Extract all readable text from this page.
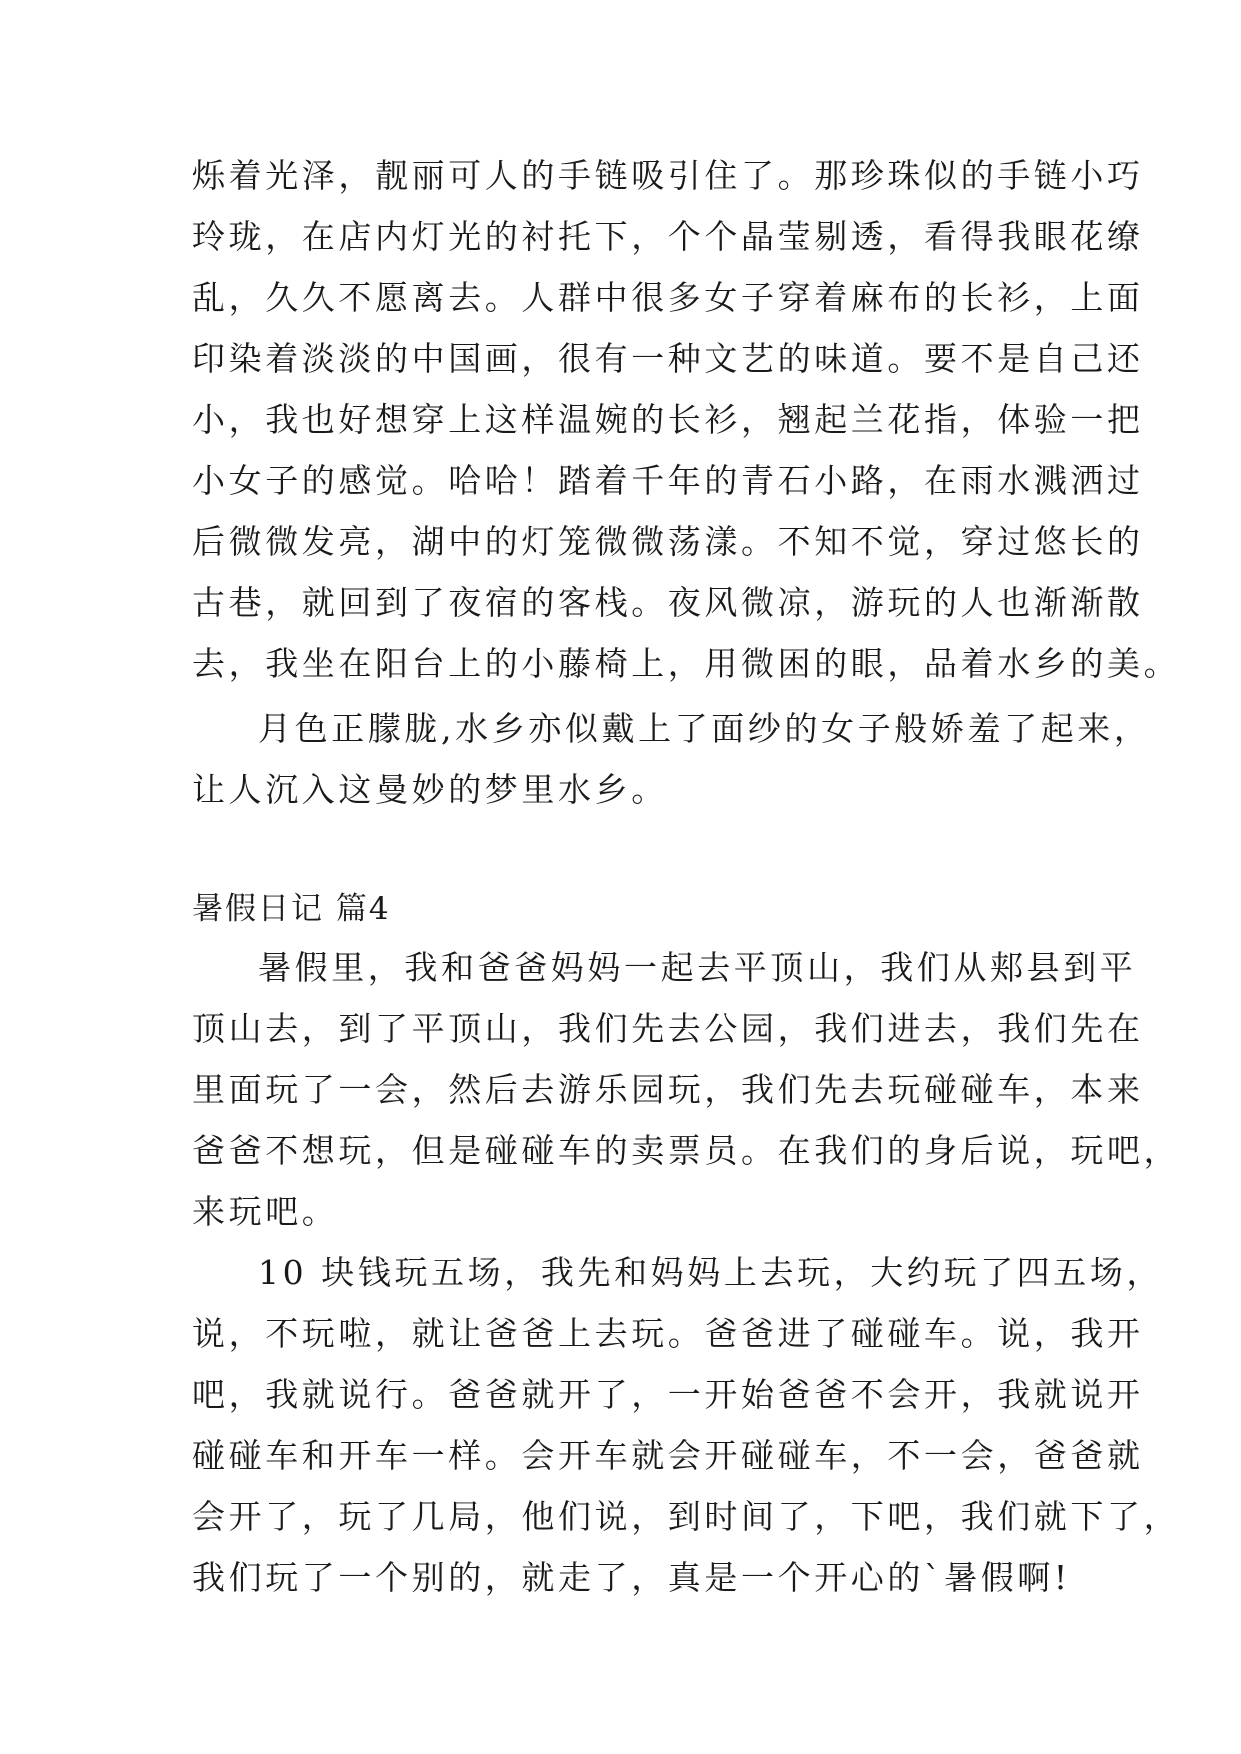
烁着光泽，靓丽可人的手链吸引住了。那珍珠似的手链小巧
玲珑，在店内灯光的衬托下，个个晶莹剔透，看得我眼花缭
乱，久久不愿离去。人群中很多女子穿着麻布的长衫，上面
印染着淡淡的中国画，很有一种文艺的味道。要不是自己还
小，我也好想穿上这样温婉的长衫，翘起兰花指，体验一把
小女子的感觉。哈哈！踏着千年的青石小路，在雨水溅洒过
后微微发亮，湖中的灯笼微微荡漾。不知不觉，穿过悠长的
古巷，就回到了夜宿的客栈。夜风微凉，游玩的人也渐渐散
去，我坐在阳台上的小藤椅上，用微困的眼，品着水乡的美。
月色正朦胧,水乡亦似戴上了面纱的女子般娇羞了起来，
让人沉入这曼妙的梦里水乡。
暑假日记 篇4
暑假里，我和爸爸妈妈一起去平顶山，我们从郏县到平
顶山去，到了平顶山，我们先去公园，我们进去，我们先在
里面玩了一会，然后去游乐园玩，我们先去玩碰碰车，本来
爸爸不想玩，但是碰碰车的卖票员。在我们的身后说，玩吧，
来玩吧。
10 块钱玩五场，我先和妈妈上去玩，大约玩了四五场，
说，不玩啦，就让爸爸上去玩。爸爸进了碰碰车。说，我开
吧，我就说行。爸爸就开了，一开始爸爸不会开，我就说开
碰碰车和开车一样。会开车就会开碰碰车，不一会，爸爸就
会开了，玩了几局，他们说，到时间了，下吧，我们就下了，
我们玩了一个别的，就走了，真是一个开心的`暑假啊!
